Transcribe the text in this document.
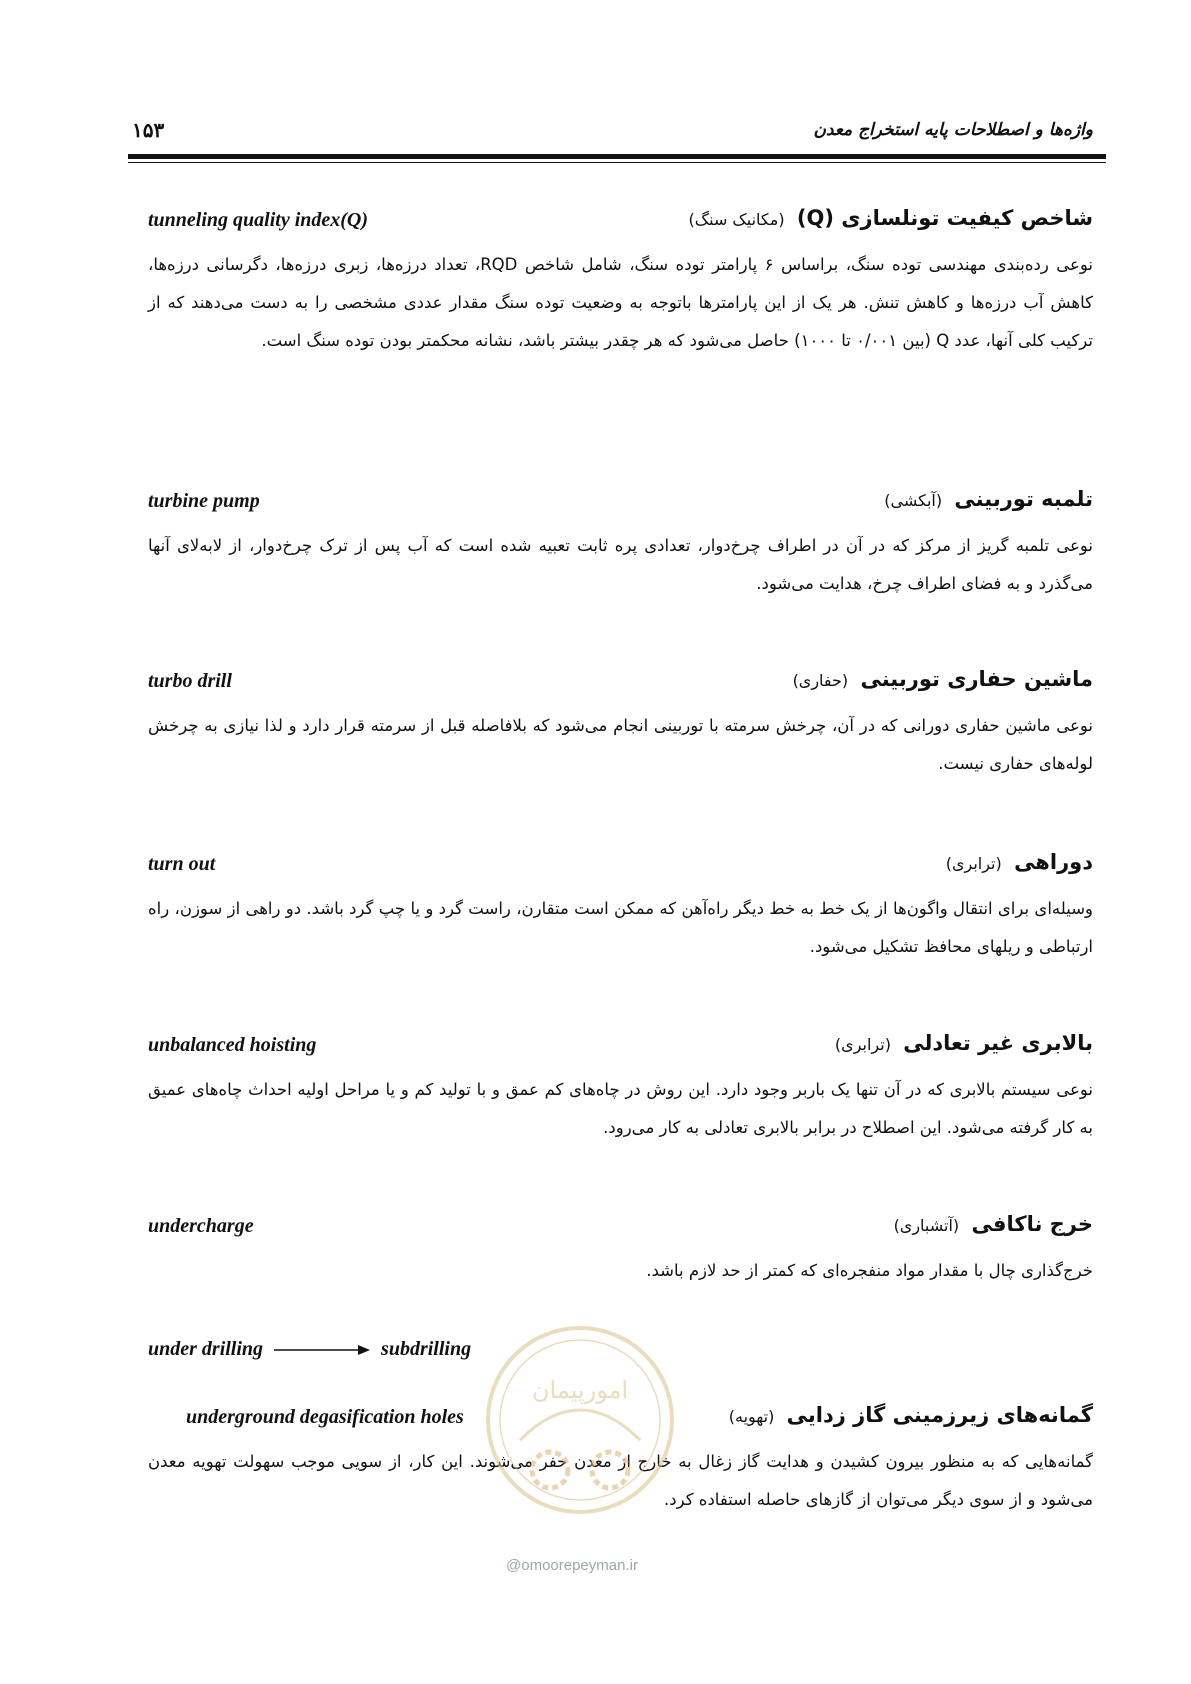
واژه‌ها و اصطلاحات پایه استخراج معدن
۱۵۳
شاخص کیفیت تونلسازی (Q) (مکانیک سنگ)
tunneling quality index(Q)
نوعی رده‌بندی مهندسی توده سنگ، براساس ۶ پارامتر توده سنگ، شامل شاخص RQD، تعداد درزه‌ها، زبری درزه‌ها، دگرسانی درزه‌ها، کاهش آب درزه‌ها و کاهش تنش. هر یک از این پارامترها باتوجه به وضعیت توده سنگ مقدار عددی مشخصی را به دست می‌دهند که از ترکیب کلی آنها، عدد Q (بین ۰/۰۰۱ تا ۱۰۰۰) حاصل می‌شود که هر چقدر بیشتر باشد، نشانه محکمتر بودن توده سنگ است.
تلمبه توربینی (آبکشی)
turbine pump
نوعی تلمبه گریز از مرکز که در آن در اطراف چرخ‌دوار، تعدادی پره ثابت تعبیه شده است که آب پس از ترک چرخ‌دوار، از لابه‌لای آنها می‌گذرد و به فضای اطراف چرخ، هدایت می‌شود.
ماشین حفاری توربینی (حفاری)
turbo drill
نوعی ماشین حفاری دورانی که در آن، چرخش سرمته با توربینی انجام می‌شود که بلافاصله قبل از سرمته قرار دارد و لذا نیازی به چرخش لوله‌های حفاری نیست.
دوراهی (ترابری)
turn out
وسیله‌ای برای انتقال واگون‌ها از یک خط به خط دیگر راه‌آهن که ممکن است متقارن، راست گرد و یا چپ گرد باشد. دو راهی از سوزن، راه ارتباطی و ریلهای محافظ تشکیل می‌شود.
بالابری غیر تعادلی (ترابری)
unbalanced hoisting
نوعی سیستم بالابری که در آن تنها یک باربر وجود دارد. این روش در چاه‌های کم عمق و با تولید کم و یا مراحل اولیه احداث چاه‌های عمیق به کار گرفته می‌شود. این اصطلاح در برابر بالابری تعادلی به کار می‌رود.
خرج ناکافی (آتشباری)
undercharge
خرج‌گذاری چال با مقدار مواد منفجره‌ای که کمتر از حد لازم باشد.
under drilling	subdrilling
گمانه‌های زیرزمینی گاز زدایی (تهویه)
underground degasification holes
گمانه‌هایی که به منظور بیرون کشیدن و هدایت گاز زغال به خارج از معدن حفر می‌شوند. این کار، از سویی موجب سهولت تهویه معدن می‌شود و از سوی دیگر می‌توان از گازهای حاصله استفاده کرد.
امورپیمان
@omoorepeyman.ir
